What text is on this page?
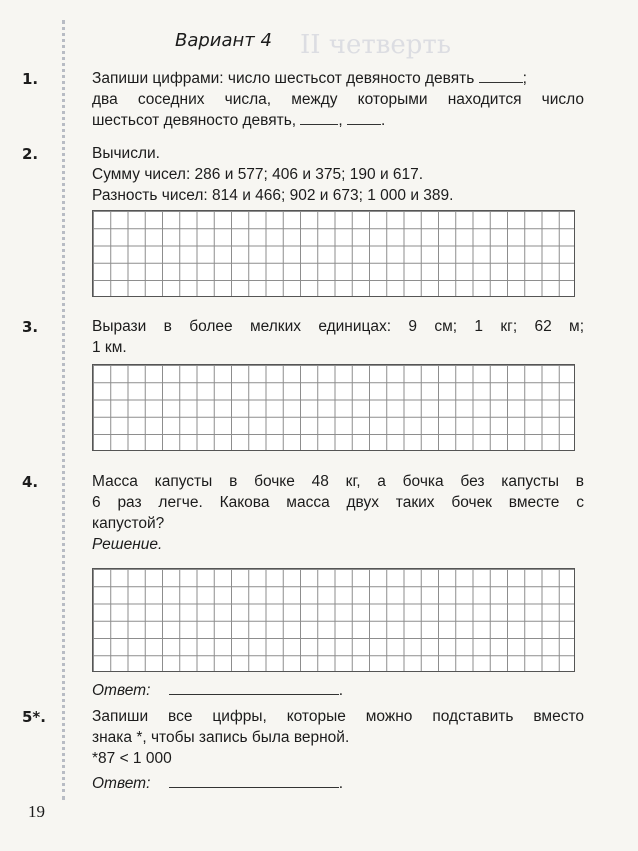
II четверть
Вариант 4
1.	Запиши цифрами: число шестьсот девяносто девять	;

два соседних числа, между которыми находится число

шестьсот девяносто девять,	, .

2.	Вычисли.

Сумму чисел: 286 и 577; 406 и 375; 190 и 617.

Разность чисел: 814 и 466; 902 и 673; 1 000 и 389.

3.	Вырази в более мелких единицах: 9 см; 1 кг; 62 м;

1 км.

4.	Масса капусты в бочке 48 кг, а бочка без капусты в

6 раз легче. Какова масса двух таких бочек вместе с

капустой?

Решение.

Ответ:	.
5*.	Запиши все цифры, которые можно подставить вместо

знака *, чтобы запись была верной.

*87 < 1 000

Ответ:	.
19
